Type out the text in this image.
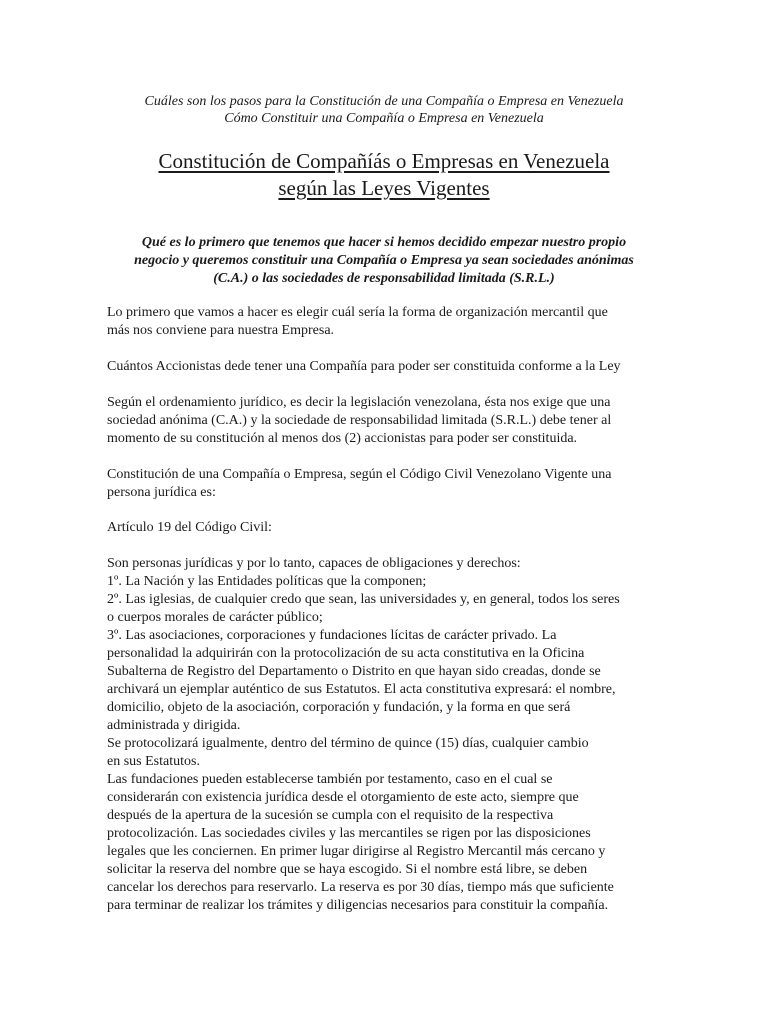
Cuáles son los pasos para la Constitución de una Compañía o Empresa en Venezuela

Cómo Constituir una Compañía o Empresa en Venezuela

Constitución de Compañíás o Empresas en Venezuela
según las Leyes Vigentes

Qué es lo primero que tenemos que hacer si hemos decidido empezar nuestro propio
negocio y queremos constituir una Compañía o Empresa ya sean sociedades anónimas
(C.A.) o las sociedades de responsabilidad limitada (S.R.L.)

Lo primero que vamos a hacer es elegir cuál sería la forma de organización mercantil que
más nos conviene para nuestra Empresa.

Cuántos Accionistas dede tener una Compañía para poder ser constituida conforme a la Ley

Según el ordenamiento jurídico, es decir la legislación venezolana, ésta nos exige que una
sociedad anónima (C.A.) y la sociedade de responsabilidad limitada (S.R.L.) debe tener al
momento de su constitución al menos dos (2) accionistas para poder ser constituida.

Constitución de una Compañía o Empresa, según el Código Civil Venezolano Vigente una
persona jurídica es:

Artículo 19 del Código Civil:

Son personas jurídicas y por lo tanto, capaces de obligaciones y derechos:
1º. La Nación y las Entidades políticas que la componen;
2º. Las iglesias, de cualquier credo que sean, las universidades y, en general, todos los seres
o cuerpos morales de carácter público;
3º. Las asociaciones, corporaciones y fundaciones lícitas de carácter privado. La
personalidad la adquirirán con la protocolización de su acta constitutiva en la Oficina
Subalterna de Registro del Departamento o Distrito en que hayan sido creadas, donde se
archivará un ejemplar auténtico de sus Estatutos. El acta constitutiva expresará: el nombre,
domicilio, objeto de la asociación, corporación y fundación, y la forma en que será
administrada y dirigida.
Se protocolizará igualmente, dentro del término de quince (15) días, cualquier cambio
en sus Estatutos.
Las fundaciones pueden establecerse también por testamento, caso en el cual se
considerarán con existencia jurídica desde el otorgamiento de este acto, siempre que
después de la apertura de la sucesión se cumpla con el requisito de la respectiva
protocolización. Las sociedades civiles y las mercantiles se rigen por las disposiciones
legales que les conciernen. En primer lugar dirigirse al Registro Mercantil más cercano y
solicitar la reserva del nombre que se haya escogido. Si el nombre está libre, se deben
cancelar los derechos para reservarlo. La reserva es por 30 días, tiempo más que suficiente
para terminar de realizar los trámites y diligencias necesarios para constituir la compañía.
